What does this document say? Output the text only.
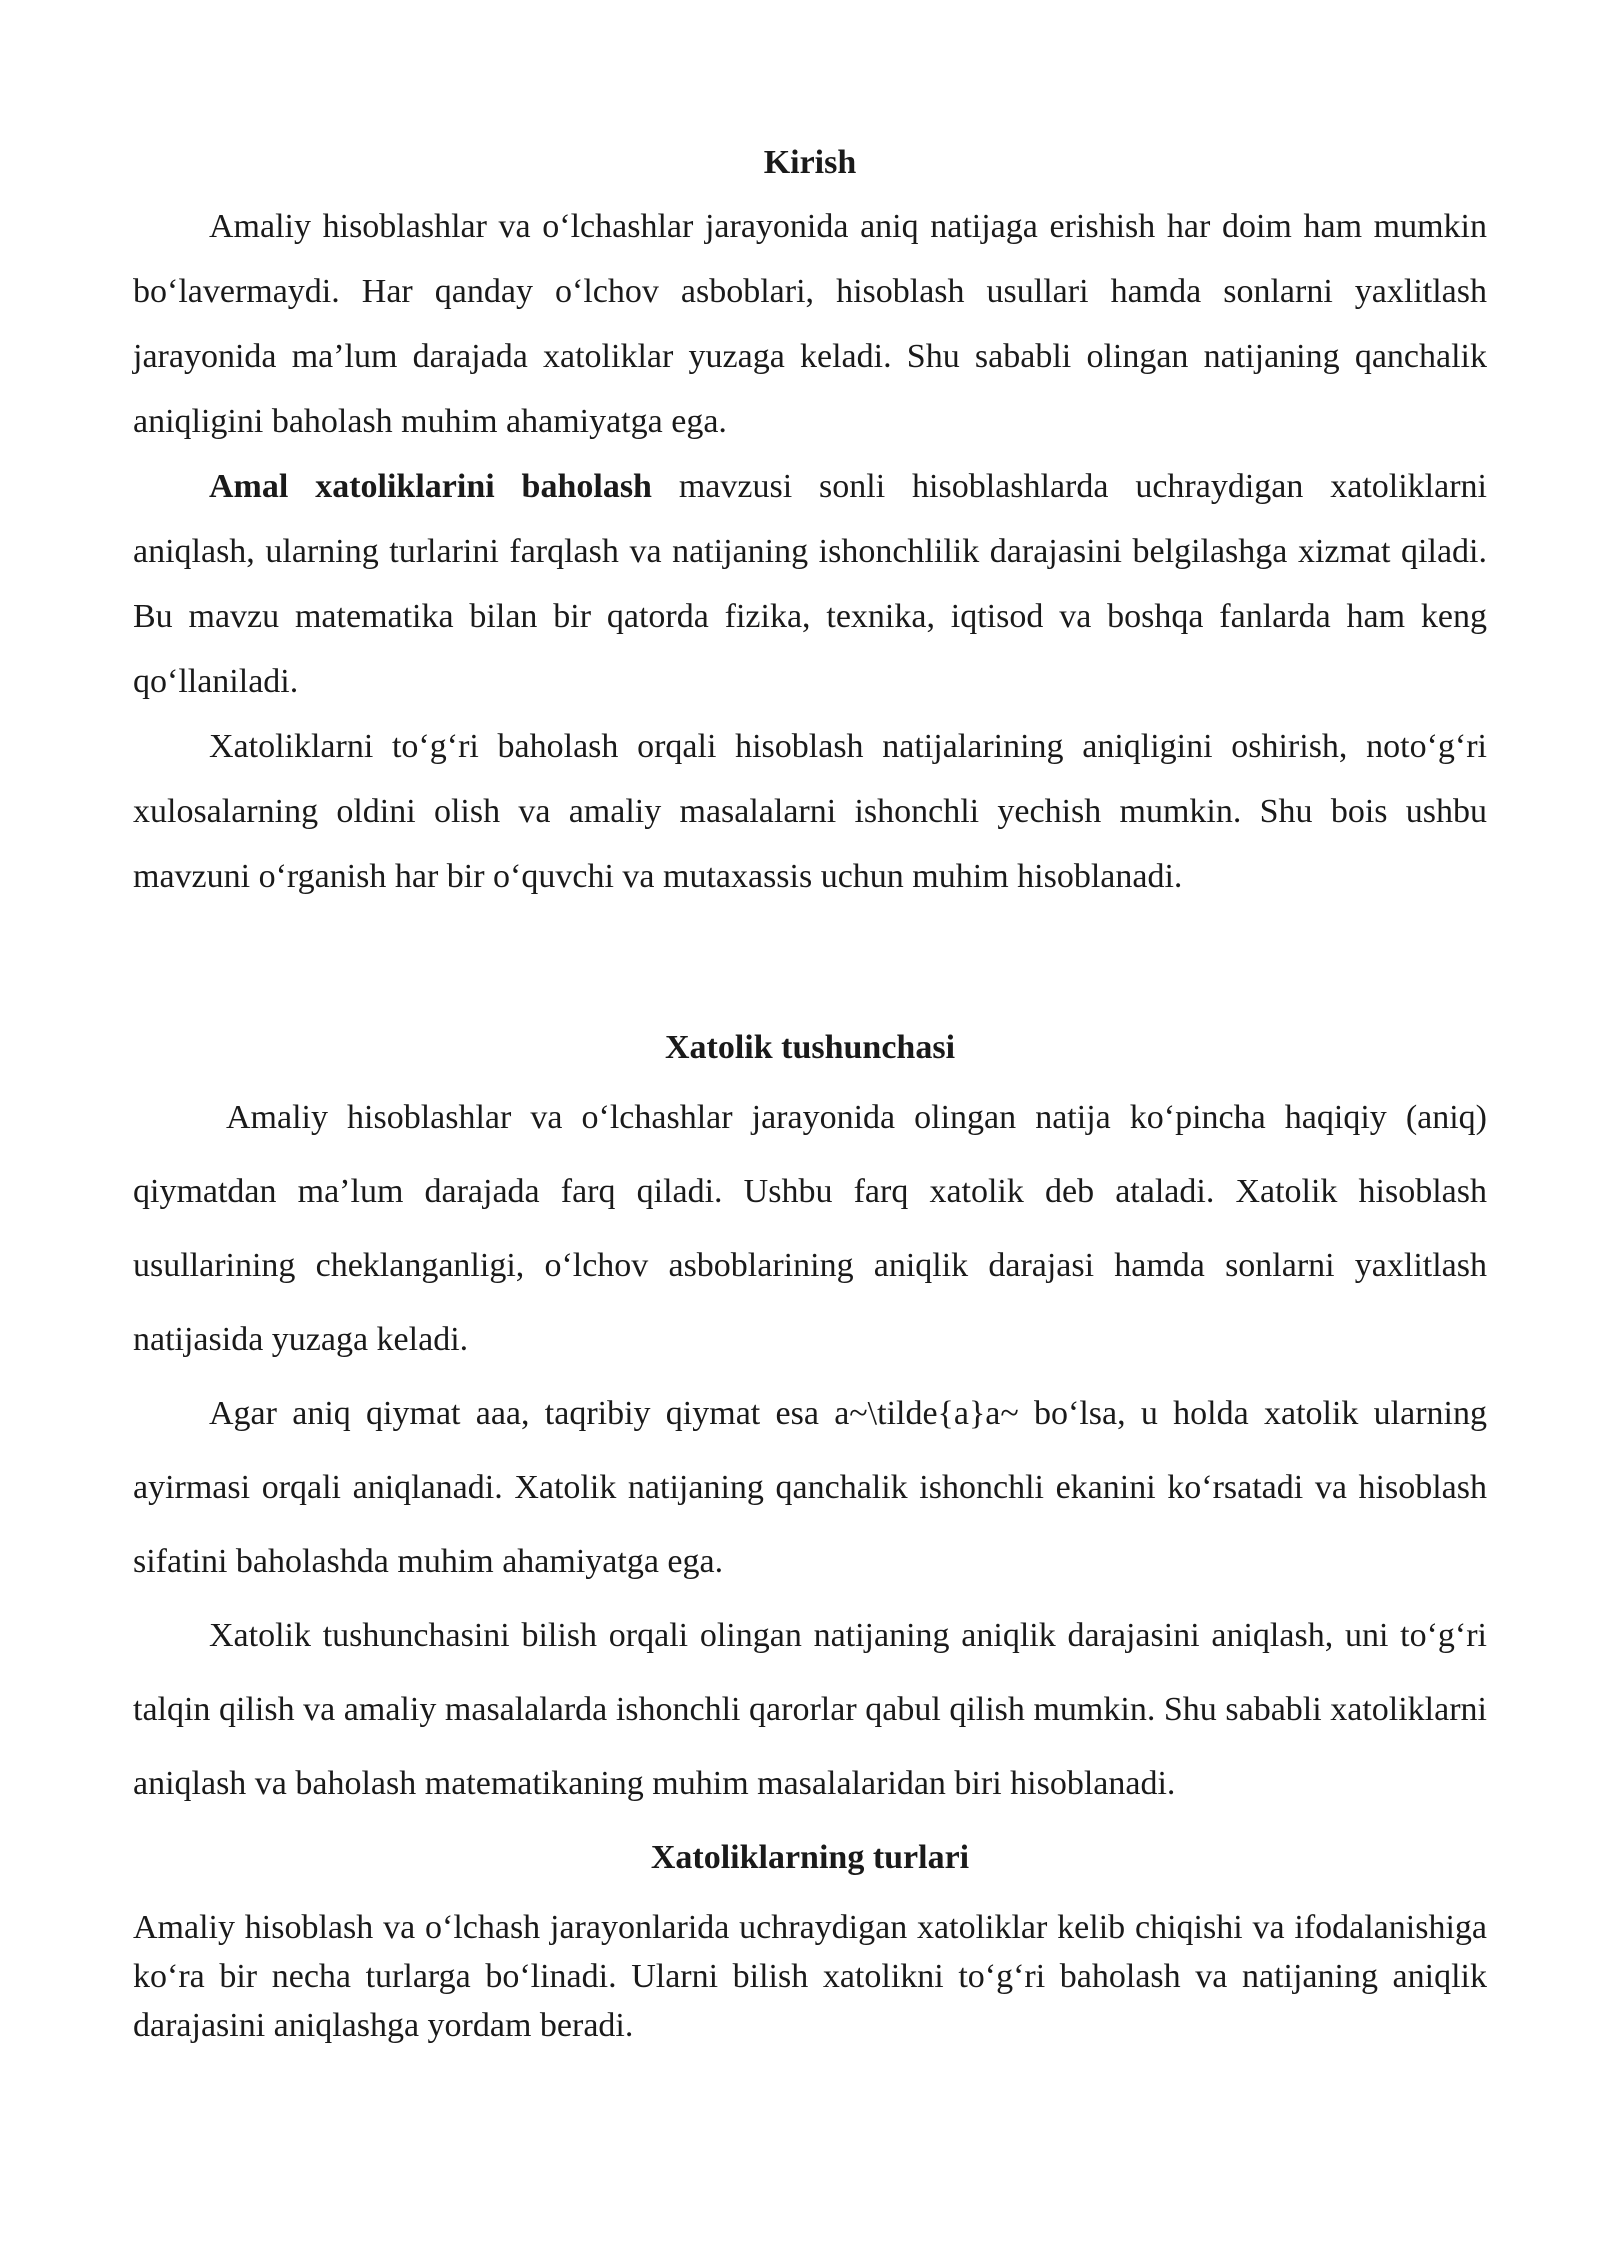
Kirish

Amaliy hisoblashlar va o‘lchashlar jarayonida aniq natijaga erishish har doim ham mumkin bo‘lavermaydi. Har qanday o‘lchov asboblari, hisoblash usullari hamda sonlarni yaxlitlash jarayonida ma’lum darajada xatoliklar yuzaga keladi. Shu sababli olingan natijaning qanchalik aniqligini baholash muhim ahamiyatga ega.

Amal xatoliklarini baholash mavzusi sonli hisoblashlarda uchraydigan xatoliklarni aniqlash, ularning turlarini farqlash va natijaning ishonchlilik darajasini belgilashga xizmat qiladi. Bu mavzu matematika bilan bir qatorda fizika, texnika, iqtisod va boshqa fanlarda ham keng qo‘llaniladi.

Xatoliklarni to‘g‘ri baholash orqali hisoblash natijalarining aniqligini oshirish, noto‘g‘ri xulosalarning oldini olish va amaliy masalalarni ishonchli yechish mumkin. Shu bois ushbu mavzuni o‘rganish har bir o‘quvchi va mutaxassis uchun muhim hisoblanadi.

Xatolik tushunchasi

Amaliy hisoblashlar va o‘lchashlar jarayonida olingan natija ko‘pincha haqiqiy (aniq) qiymatdan ma’lum darajada farq qiladi. Ushbu farq xatolik deb ataladi. Xatolik hisoblash usullarining cheklanganligi, o‘lchov asboblarining aniqlik darajasi hamda sonlarni yaxlitlash natijasida yuzaga keladi.

Agar aniq qiymat aaa, taqribiy qiymat esa a~\tilde{a}a~ bo‘lsa, u holda xatolik ularning ayirmasi orqali aniqlanadi. Xatolik natijaning qanchalik ishonchli ekanini ko‘rsatadi va hisoblash sifatini baholashda muhim ahamiyatga ega.

Xatolik tushunchasini bilish orqali olingan natijaning aniqlik darajasini aniqlash, uni to‘g‘ri talqin qilish va amaliy masalalarda ishonchli qarorlar qabul qilish mumkin. Shu sababli xatoliklarni aniqlash va baholash matematikaning muhim masalalaridan biri hisoblanadi.

Xatoliklarning turlari

Amaliy hisoblash va o‘lchash jarayonlarida uchraydigan xatoliklar kelib chiqishi va ifodalanishiga ko‘ra bir necha turlarga bo‘linadi. Ularni bilish xatolikni to‘g‘ri baholash va natijaning aniqlik darajasini aniqlashga yordam beradi.
